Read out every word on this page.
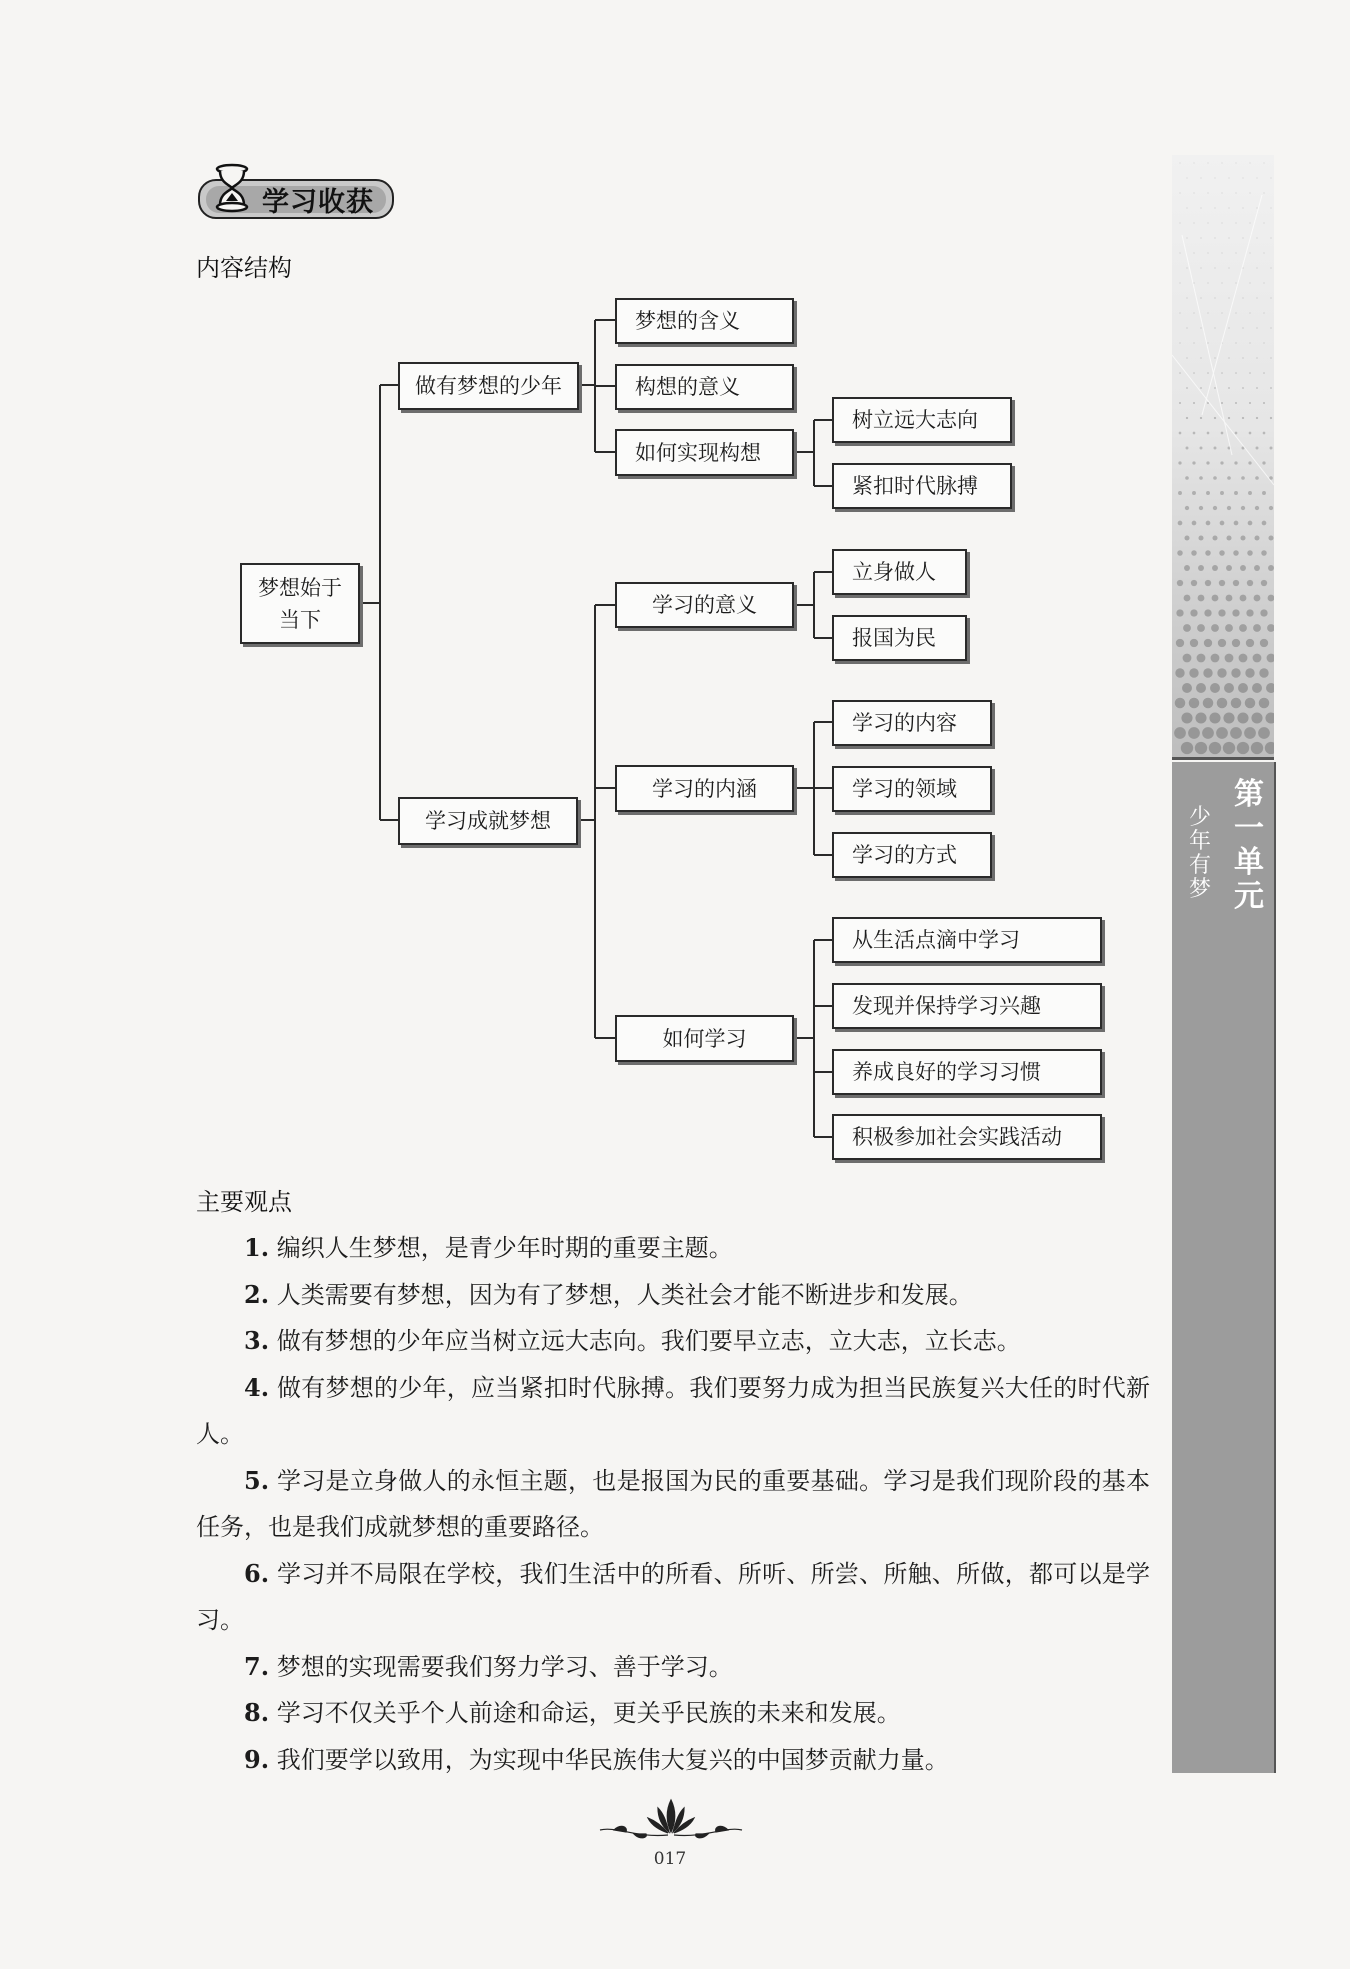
学习收获
内容结构
梦想始于
当下
做有梦想的少年
梦想的含义
构想的意义
如何实现构想
树立远大志向
紧扣时代脉搏
学习成就梦想
学习的意义
学习的内涵
如何学习
立身做人
报国为民
学习的内容
学习的领域
学习的方式
从生活点滴中学习
发现并保持学习兴趣
养成良好的学习习惯
积极参加社会实践活动
主要观点

1. 编织人生梦想，是青少年时期的重要主题。

2. 人类需要有梦想，因为有了梦想，人类社会才能不断进步和发展。

3. 做有梦想的少年应当树立远大志向。我们要早立志，立大志，立长志。

4. 做有梦想的少年，应当紧扣时代脉搏。我们要努力成为担当民族复兴大任的时代新人。

5. 学习是立身做人的永恒主题，也是报国为民的重要基础。学习是我们现阶段的基本任务，也是我们成就梦想的重要路径。

6. 学习并不局限在学校，我们生活中的所看、所听、所尝、所触、所做，都可以是学习。

7. 梦想的实现需要我们努力学习、善于学习。

8. 学习不仅关乎个人前途和命运，更关乎民族的未来和发展。

9. 我们要学以致用，为实现中华民族伟大复兴的中国梦贡献力量。

第
一
单
元
少
年
有
梦
017
